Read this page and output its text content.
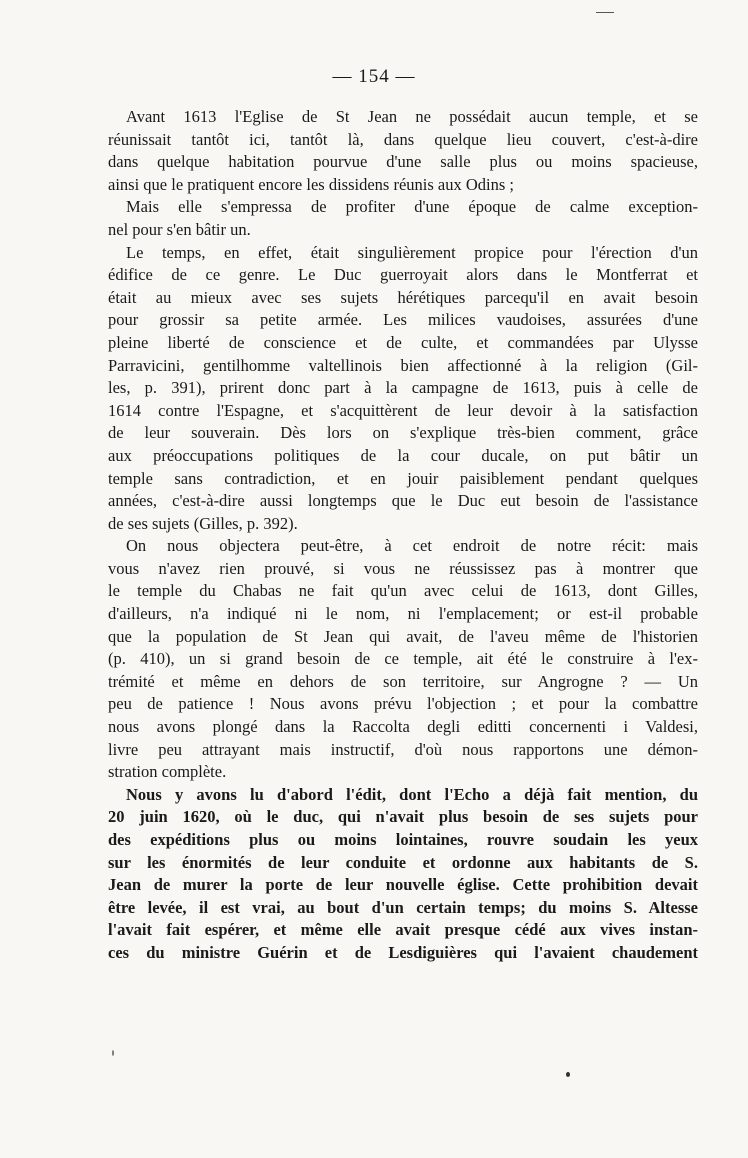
— 154 —
Avant 1613 l'Eglise de St Jean ne possédait aucun temple, et se
réunissait tantôt ici, tantôt là, dans quelque lieu couvert, c'est-à-dire
dans quelque habitation pourvue d'une salle plus ou moins spacieuse,
ainsi que le pratiquent encore les dissidens réunis aux Odins ;
Mais elle s'empressa de profiter d'une époque de calme exception-
nel pour s'en bâtir un.
Le temps, en effet, était singulièrement propice pour l'érection d'un
édifice de ce genre. Le Duc guerroyait alors dans le Montferrat et
était au mieux avec ses sujets hérétiques parcequ'il en avait besoin
pour grossir sa petite armée. Les milices vaudoises, assurées d'une
pleine liberté de conscience et de culte, et commandées par Ulysse
Parravicini, gentilhomme valtellinois bien affectionné à la religion (Gil-
les, p. 391), prirent donc part à la campagne de 1613, puis à celle de
1614 contre l'Espagne, et s'acquittèrent de leur devoir à la satisfaction
de leur souverain. Dès lors on s'explique très-bien comment, grâce
aux préoccupations politiques de la cour ducale, on put bâtir un
temple sans contradiction, et en jouir paisiblement pendant quelques
années, c'est-à-dire aussi longtemps que le Duc eut besoin de l'assistance
de ses sujets (Gilles, p. 392).
On nous objectera peut-être, à cet endroit de notre récit: mais
vous n'avez rien prouvé, si vous ne réussissez pas à montrer que
le temple du Chabas ne fait qu'un avec celui de 1613, dont Gilles,
d'ailleurs, n'a indiqué ni le nom, ni l'emplacement; or est-il probable
que la population de St Jean qui avait, de l'aveu même de l'historien
(p. 410), un si grand besoin de ce temple, ait été le construire à l'ex-
trémité et même en dehors de son territoire, sur Angrogne ? — Un
peu de patience ! Nous avons prévu l'objection ; et pour la combattre
nous avons plongé dans la Raccolta degli editti concernenti i Valdesi,
livre peu attrayant mais instructif, d'où nous rapportons une démon-
stration complète.
Nous y avons lu d'abord l'édit, dont l'Echo a déjà fait mention, du
20 juin 1620, où le duc, qui n'avait plus besoin de ses sujets pour
des expéditions plus ou moins lointaines, rouvre soudain les yeux
sur les énormités de leur conduite et ordonne aux habitants de S.
Jean de murer la porte de leur nouvelle église. Cette prohibition devait
être levée, il est vrai, au bout d'un certain temps; du moins S. Altesse
l'avait fait espérer, et même elle avait presque cédé aux vives instan-
ces du ministre Guérin et de Lesdiguières qui l'avaient chaudement
